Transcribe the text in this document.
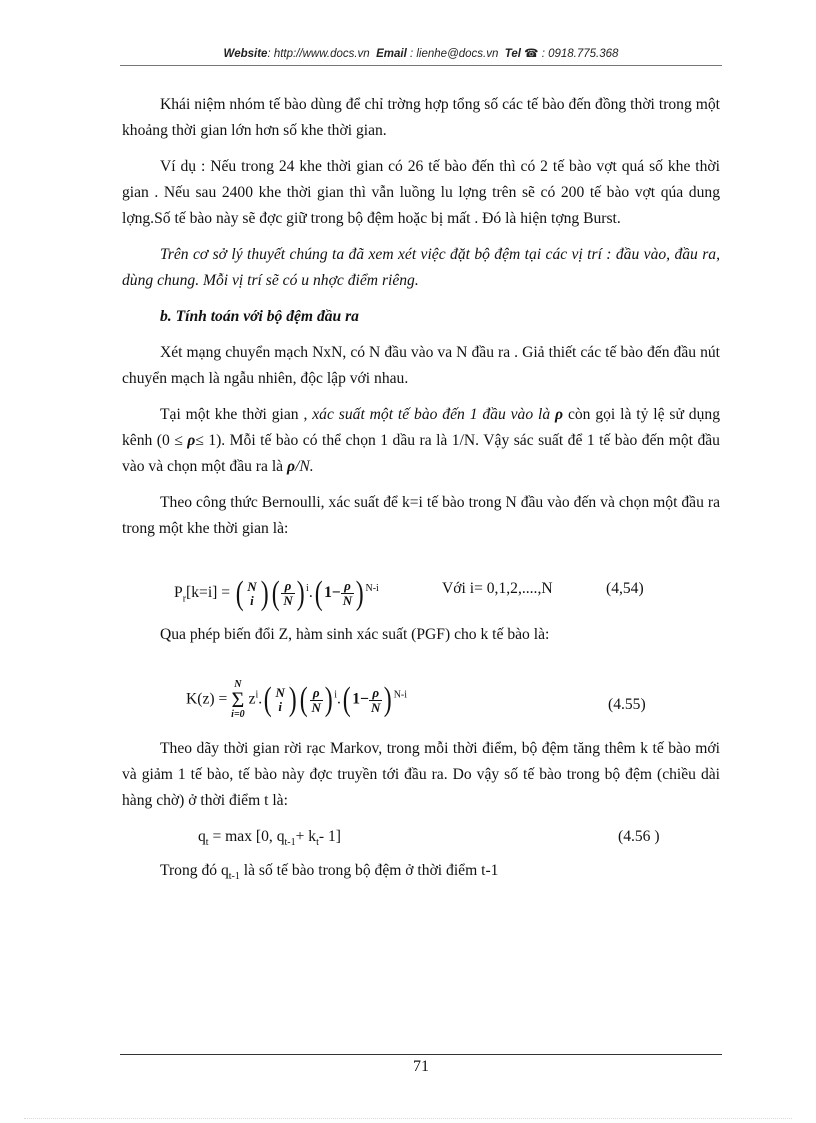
Website: http://www.docs.vn Email : lienhe@docs.vn Tel ☎ : 0918.775.368

Khái niệm nhóm tế bào dùng để chỉ trờng hợp tổng số các tế bào đến đồng thời trong một khoảng thời gian lớn hơn số khe thời gian.

Ví dụ : Nếu trong 24 khe thời gian có 26 tế bào đến thì có 2 tế bào vợt quá số khe thời gian . Nếu sau 2400 khe thời gian thì vẫn luồng lu lợng trên sẽ có 200 tế bào vợt qúa dung lợng.Số tế bào này sẽ đợc giữ trong bộ đệm hoặc bị mất . Đó là hiện tợng Burst.

Trên cơ sở lý thuyết chúng ta đã xem xét việc đặt bộ đệm tại các vị trí : đầu vào, đầu ra, dùng chung. Mỗi vị trí sẽ có u nhợc điểm riêng.

b. Tính toán với bộ đệm đầu ra

Xét mạng chuyển mạch NxN, có N đầu vào va N đầu ra . Giả thiết các tế bào đến đầu nút chuyển mạch là ngẫu nhiên, độc lập với nhau.

Tại một khe thời gian , xác suất một tế bào đến 1 đầu vào là ρ còn gọi là tỷ lệ sử dụng kênh (0 ≤ ρ≤ 1). Mỗi tế bào có thể chọn 1 dầu ra là 1/N. Vậy sác suất để 1 tế bào đến một đầu vào và chọn một đầu ra là ρ/N.

Theo công thức Bernoulli, xác suất để k=i tế bào trong N đầu vào đến và chọn một đầu ra trong một khe thời gian là:

$P_r[k=i]$ = ( N
i )( $\frac{\rho}{N}$ ) $^i$.( $1- \frac{\rho}{N}$ ) $^{N-i}$	Với i= 0,1,2,....,N	(4,54)

Qua phép biến đổi Z, hàm sinh xác suất (PGF) cho k tế bào là:

K(z) =
N
Σ
i=0
$z^i$.( N
i )( $\frac{\rho}{N}$ ) $^i$.( $1- \frac{\rho}{N}$ ) $^{N-i}$
(4.55)

Theo dãy thời gian rời rạc Markov, trong mỗi thời điểm, bộ đệm tăng thêm k tế bào mới và giảm 1 tế bào, tế bào này đợc truyền tới đầu ra. Do vậy số tế bào trong bộ đệm (chiều dài hàng chờ) ở thời điểm t là:

$q_t = \max [0$, $q_{t-1}+ k_t-$ 1]	(4.56 )

Trong đó $q_{t-1}$ là số tế bào trong bộ đệm ở thời điểm t-1

71
